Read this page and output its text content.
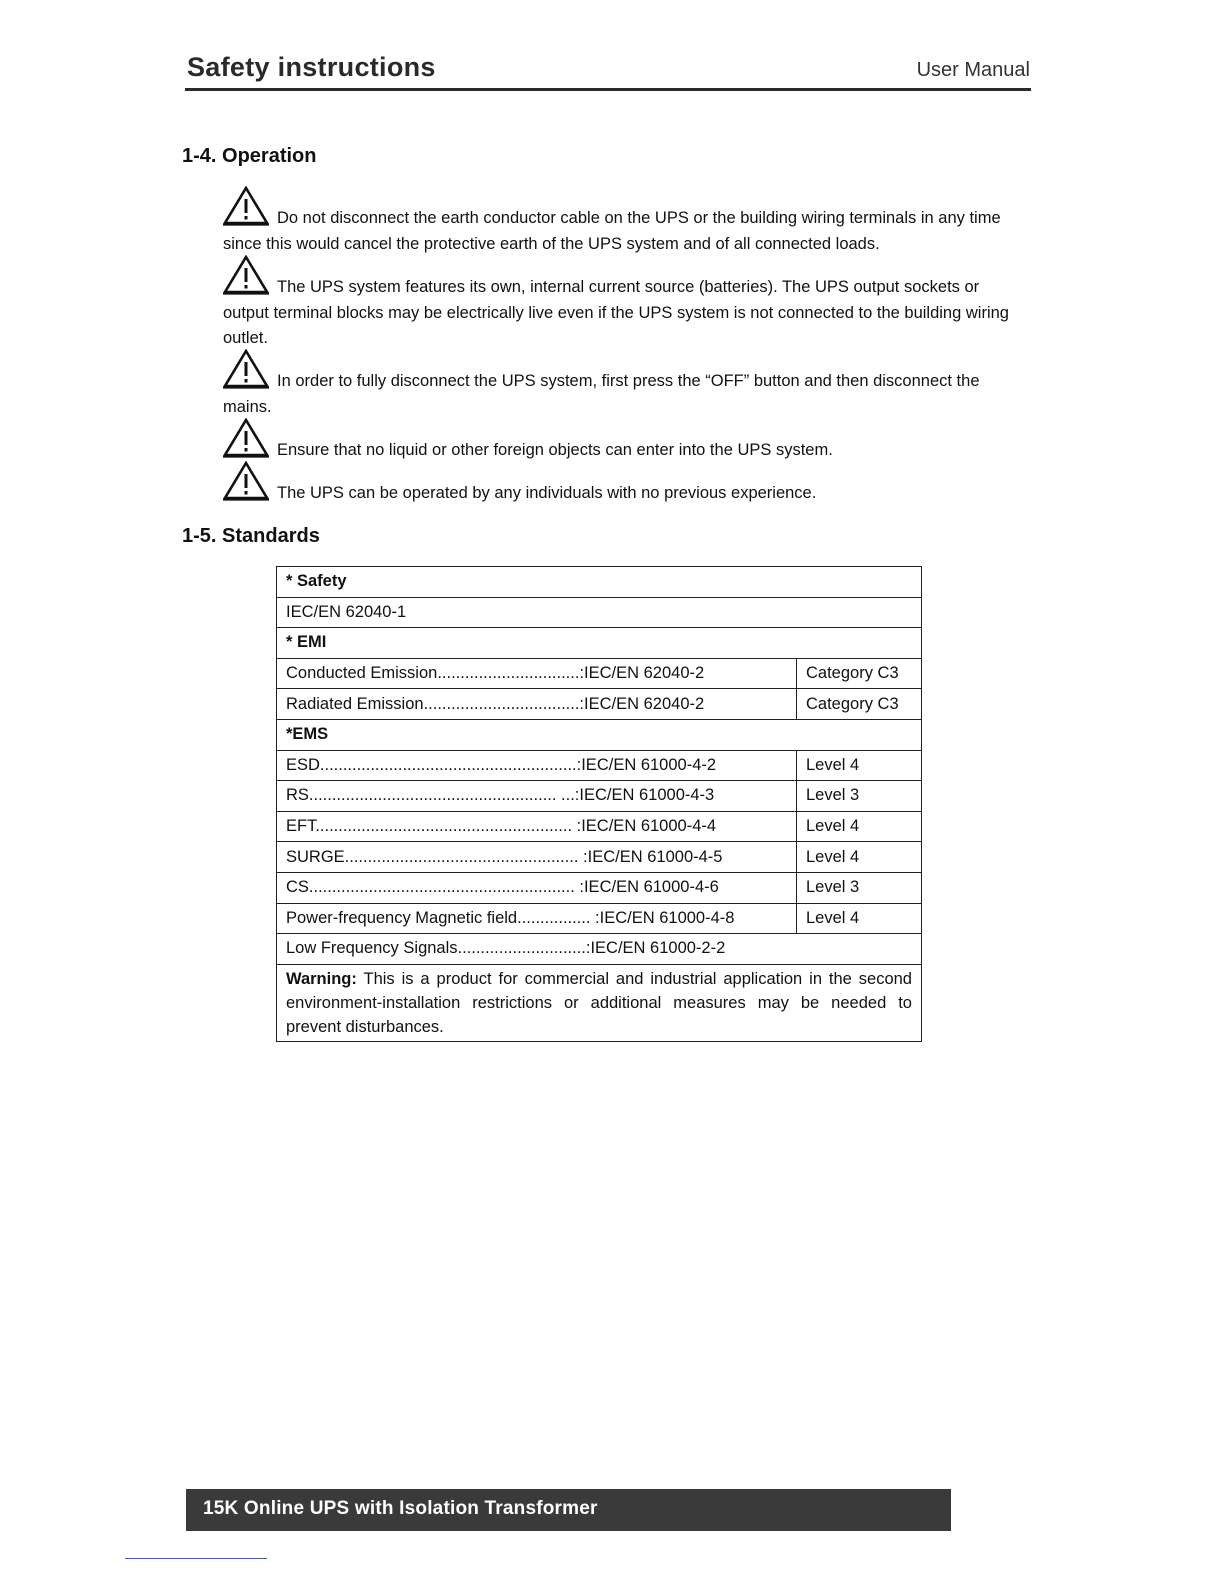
Safety instructions	User Manual
1-4. Operation
Do not disconnect the earth conductor cable on the UPS or the building wiring terminals in any time since this would cancel the protective earth of the UPS system and of all connected loads.
The UPS system features its own, internal current source (batteries). The UPS output sockets or output terminal blocks may be electrically live even if the UPS system is not connected to the building wiring outlet.
In order to fully disconnect the UPS system, first press the “OFF” button and then disconnect the mains.
Ensure that no liquid or other foreign objects can enter into the UPS system.
The UPS can be operated by any individuals with no previous experience.
1-5. Standards
* Safety	
IEC/EN 62040-1	
* EMI	
Conducted Emission...............................:IEC/EN 62040-2	Category C3
Radiated Emission..................................:IEC/EN 62040-2	Category C3
*EMS	
ESD........................................................:IEC/EN 61000-4-2	Level 4
RS...................................................... ...:IEC/EN 61000-4-3	Level 3
EFT........................................................ :IEC/EN 61000-4-4	Level 4
SURGE................................................... :IEC/EN 61000-4-5	Level 4
CS.......................................................... :IEC/EN 61000-4-6	Level 3
Power-frequency Magnetic field................ :IEC/EN 61000-4-8	Level 4
Low Frequency Signals............................:IEC/EN 61000-2-2	
Warning: This is a product for commercial and industrial application in the second environment-installation restrictions or additional measures may be needed to prevent disturbances.	
15K Online UPS with Isolation Transformer
